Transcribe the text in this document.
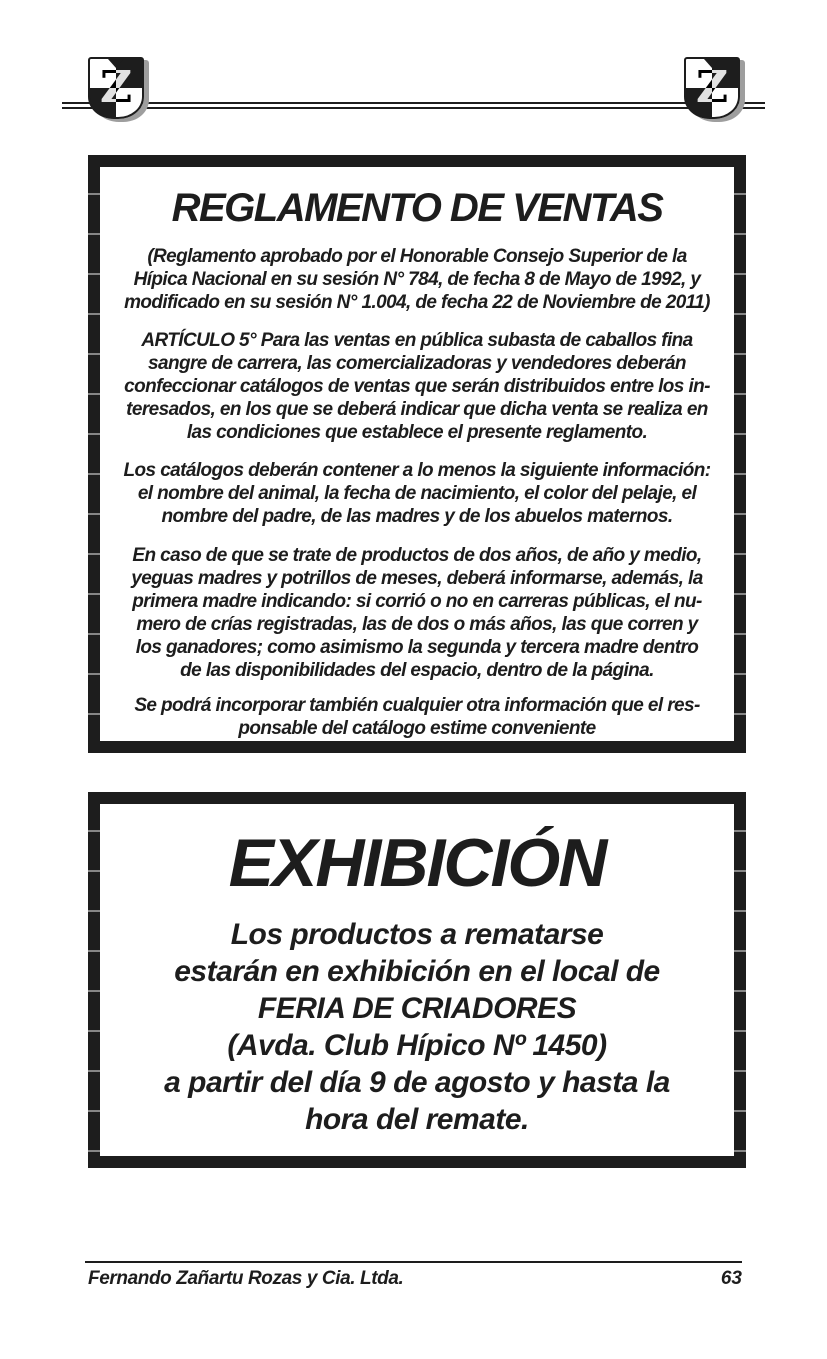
Z	Z
REGLAMENTO DE VENTAS

(Reglamento aprobado por el Honorable Consejo Superior de la
Hípica Nacional en su sesión N° 784, de fecha 8 de Mayo de 1992, y
modificado en su sesión N° 1.004, de fecha 22 de Noviembre de 2011)

ARTÍCULO 5° Para las ventas en pública subasta de caballos fina
sangre de carrera, las comercializadoras y vendedores deberán
confeccionar catálogos de ventas que serán distribuidos entre los in-
teresados, en los que se deberá indicar que dicha venta se realiza en
las condiciones que establece el presente reglamento.

Los catálogos deberán contener a lo menos la siguiente información:
el nombre del animal, la fecha de nacimiento, el color del pelaje, el
nombre del padre, de las madres y de los abuelos maternos.

En caso de que se trate de productos de dos años, de año y medio,
yeguas madres y potrillos de meses, deberá informarse, además, la
primera madre indicando: si corrió o no en carreras públicas, el nu-
mero de crías registradas, las de dos o más años, las que corren y
los ganadores; como asimismo la segunda y tercera madre dentro
de las disponibilidades del espacio, dentro de la página.

Se podrá incorporar también cualquier otra información que el res-
ponsable del catálogo estime conveniente

EXHIBICIÓN
Los productos a rematarse
estarán en exhibición en el local de
FERIA DE CRIADORES
(Avda. Club Hípico Nº 1450)
a partir del día 9 de agosto y hasta la
hora del remate.
Fernando Zañartu Rozas y Cia. Ltda.	63
